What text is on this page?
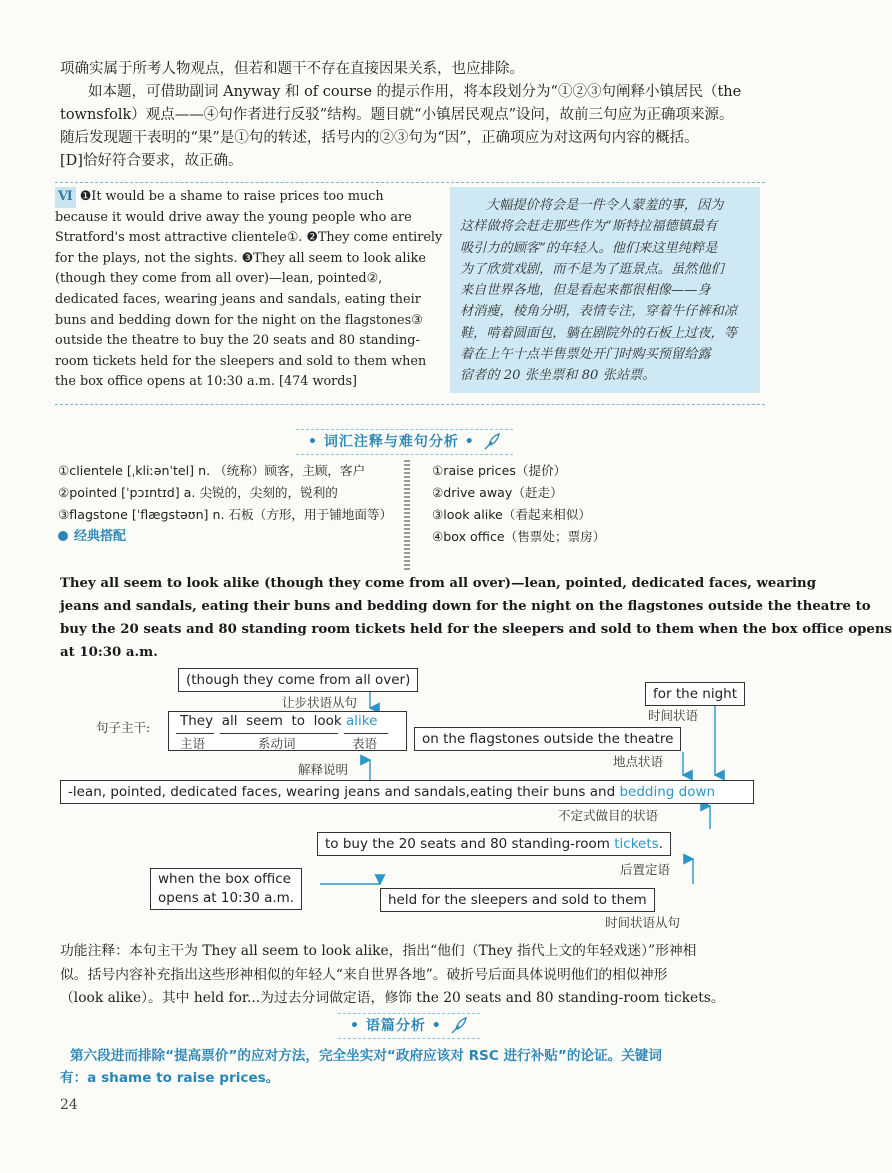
项确实属于所考人物观点，但若和题干不存在直接因果关系，也应排除。
如本题，可借助副词 Anyway 和 of course 的提示作用，将本段划分为“①②③句阐释小镇居民（the
townsfolk）观点——④句作者进行反驳”结构。题目就“小镇居民观点”设问，故前三句应为正确项来源。
随后发现题干表明的“果”是①句的转述，括号内的②③句为“因”，正确项应为对这两句内容的概括。
[D]恰好符合要求，故正确。
Ⅵ ❶It would be a shame to raise prices too much
because it would drive away the young people who are
Stratford's most attractive clientele①. ❷They come entirely
for the plays, not the sights. ❸They all seem to look alike
(though they come from all over)—lean, pointed②,
dedicated faces, wearing jeans and sandals, eating their
buns and bedding down for the night on the flagstones③
outside the theatre to buy the 20 seats and 80 standing-
room tickets held for the sleepers and sold to them when
the box office opens at 10:30 a.m. [474 words]
大幅提价将会是一件令人蒙羞的事，因为
这样做将会赶走那些作为“斯特拉福德镇最有
吸引力的顾客”的年轻人。他们来这里纯粹是
为了欣赏戏剧，而不是为了逛景点。虽然他们
来自世界各地，但是看起来都很相像——身
材消瘦，棱角分明，表情专注，穿着牛仔裤和凉
鞋，啃着圆面包，躺在剧院外的石板上过夜，等
着在上午十点半售票处开门时购买预留给露
宿者的 20 张坐票和 80 张站票。
• 词汇注释与难句分析 •
①clientele [ˌkliːənˈtel] n. （统称）顾客，主顾，客户
②pointed [ˈpɔɪntɪd] a. 尖锐的，尖刻的，锐利的
③flagstone [ˈflæɡstəʊn] n. 石板（方形，用于铺地面等）
经典搭配
①raise prices（提价）
②drive away（赶走）
③look alike（看起来相似）
④box office（售票处；票房）
They all seem to look alike (though they come from all over)—lean, pointed, dedicated faces, wearing
jeans and sandals, eating their buns and bedding down for the night on the flagstones outside the theatre to
buy the 20 seats and 80 standing room tickets held for the sleepers and sold to them when the box office opens
at 10:30 a.m.
(though they come from all over)
让步状语从句
句子主干: They all seem to look alike
主语	系动词	表语
for the night
时间状语
on the flagstones outside the theatre
地点状语
解释说明
-lean, pointed, dedicated faces, wearing jeans and sandals,eating their buns and bedding down
不定式做目的状语
to buy the 20 seats and 80 standing-room tickets.
后置定语
when the box office
opens at 10:30 a.m.	held for the sleepers and sold to them
时间状语从句
功能注释：本句主干为 They all seem to look alike，指出“他们（They 指代上文的年轻戏迷）”形神相
似。括号内容补充指出这些形神相似的年轻人“来自世界各地”。破折号后面具体说明他们的相似神形
（look alike）。其中 held for...为过去分词做定语，修饰 the 20 seats and 80 standing-room tickets。
• 语篇分析 •
第六段进而排除“提高票价”的应对方法，完全坐实对“政府应该对 RSC 进行补贴”的论证。关键词
有：a shame to raise prices。
24
